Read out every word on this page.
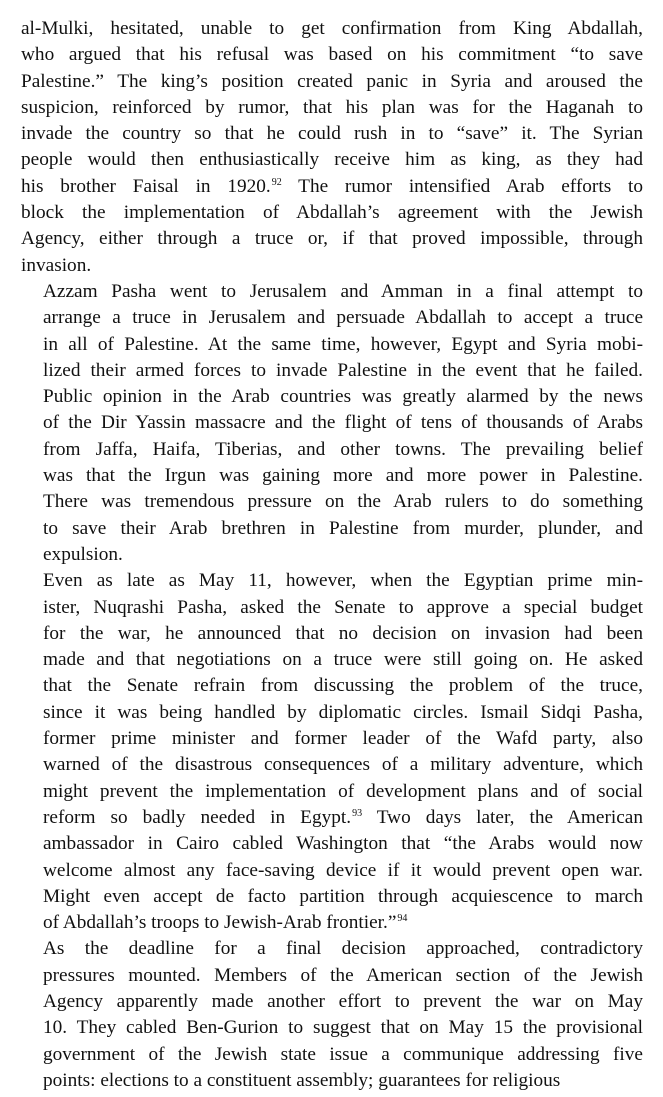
al-Mulki, hesitated, unable to get confirmation from King Abdallah,
who argued that his refusal was based on his commitment “to save
Palestine.” The king’s position created panic in Syria and aroused the
suspicion, reinforced by rumor, that his plan was for the Haganah to
invade the country so that he could rush in to “save” it. The Syrian
people would then enthusiastically receive him as king, as they had
his brother Faisal in 1920.92 The rumor intensified Arab efforts to
block the implementation of Abdallah’s agreement with the Jewish
Agency, either through a truce or, if that proved impossible, through
invasion.

Azzam Pasha went to Jerusalem and Amman in a final attempt to
arrange a truce in Jerusalem and persuade Abdallah to accept a truce
in all of Palestine. At the same time, however, Egypt and Syria mobi-
lized their armed forces to invade Palestine in the event that he failed.
Public opinion in the Arab countries was greatly alarmed by the news
of the Dir Yassin massacre and the flight of tens of thousands of Arabs
from Jaffa, Haifa, Tiberias, and other towns. The prevailing belief
was that the Irgun was gaining more and more power in Palestine.
There was tremendous pressure on the Arab rulers to do something
to save their Arab brethren in Palestine from murder, plunder, and
expulsion.

Even as late as May 11, however, when the Egyptian prime min-
ister, Nuqrashi Pasha, asked the Senate to approve a special budget
for the war, he announced that no decision on invasion had been
made and that negotiations on a truce were still going on. He asked
that the Senate refrain from discussing the problem of the truce,
since it was being handled by diplomatic circles. Ismail Sidqi Pasha,
former prime minister and former leader of the Wafd party, also
warned of the disastrous consequences of a military adventure, which
might prevent the implementation of development plans and of social
reform so badly needed in Egypt.$^{93}$ Two days later, the American
ambassador in Cairo cabled Washington that “the Arabs would now
welcome almost any face-saving device if it would prevent open war.
Might even accept de facto partition through acquiescence to march
of Abdallah’s troops to Jewish-Arab frontier.”$^{94}$

As the deadline for a final decision approached, contradictory
pressures mounted. Members of the American section of the Jewish
Agency apparently made another effort to prevent the war on May
10. They cabled Ben-Gurion to suggest that on May 15 the provisional
government of the Jewish state issue a communique addressing five
points: elections to a constituent assembly; guarantees for religious
